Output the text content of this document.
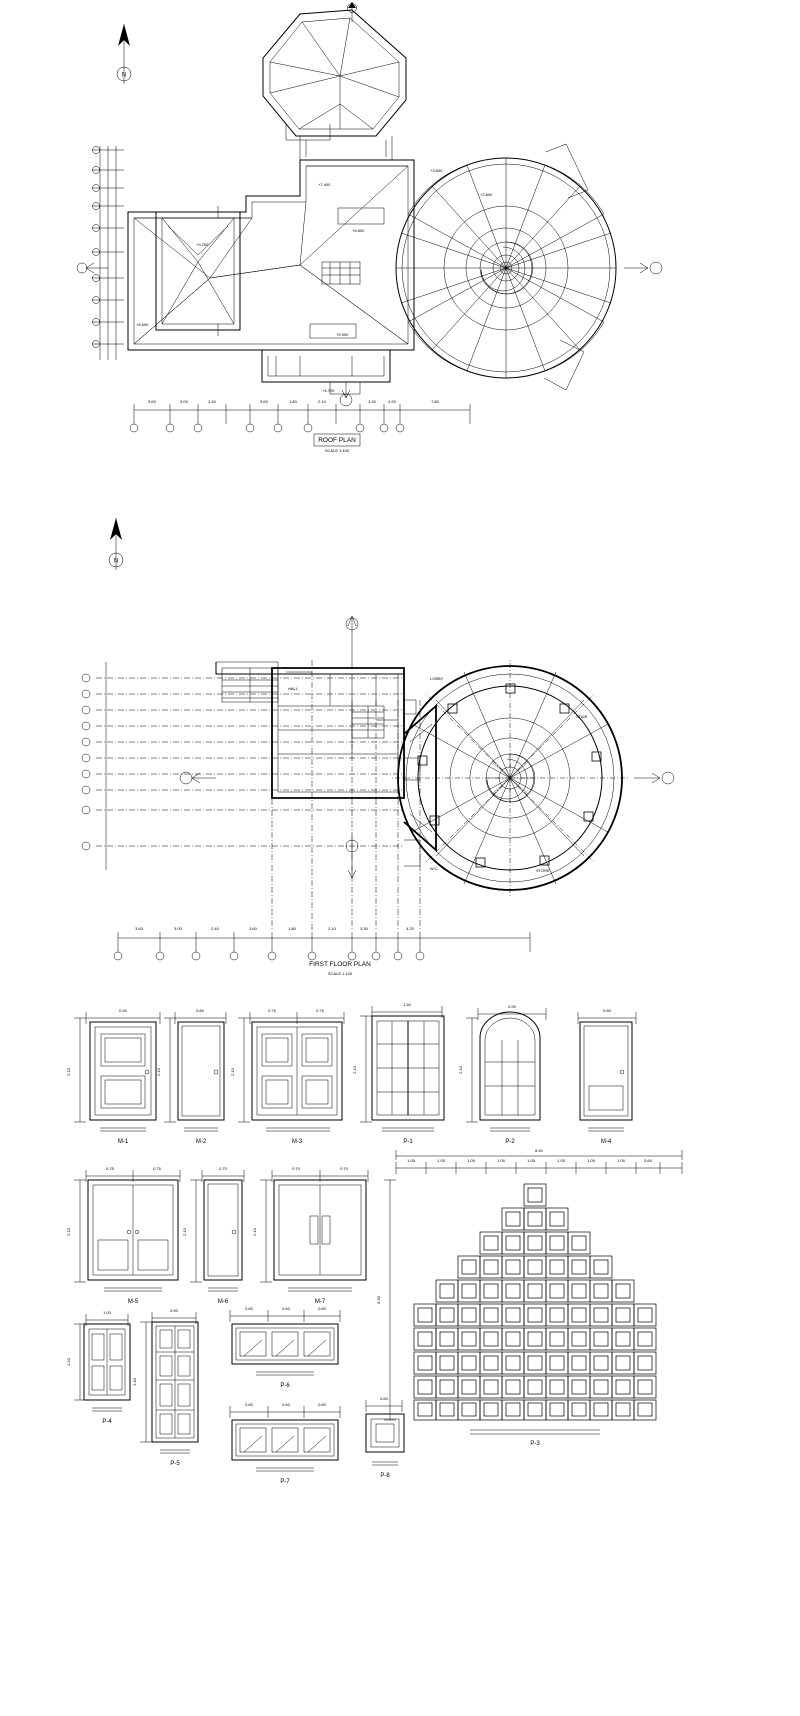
N
3.60	3.00	2.40	3.60	1.80	2.10	3.30	4.20	7.80
ROOF PLAN
SCALE 1:100
+9.200
+8.600
+7.400
+6.800
+5.900
+4.700
+3.600
+2.800
N
3.60	3.00	2.40	3.60	1.80	2.10	3.30	4.20
FIRST FLOOR PLAN
SCALE 1:100
HALL
LOBBY
STAIR
W.C.	STORE
0.90
2.10
M-1
0.80
2.10
M-2
0.75	0.75
2.10
M-3
1.50
2.10
P-1
0.90
2.10
P-2
0.80
M-4
0.75	0.75
2.10
M-5
0.70
2.10
M-6
0.70	0.70
2.10
M-7
1.05	1.05	1.05	1.05	1.05	1.05	1.05	1.05	0.84
8.40
6.30
P-3
1.00
1.20
P-4
0.90
2.40
P-5
0.60	0.60	0.60
P-6
0.60	0.60	0.60
P-7
0.60
P-8
